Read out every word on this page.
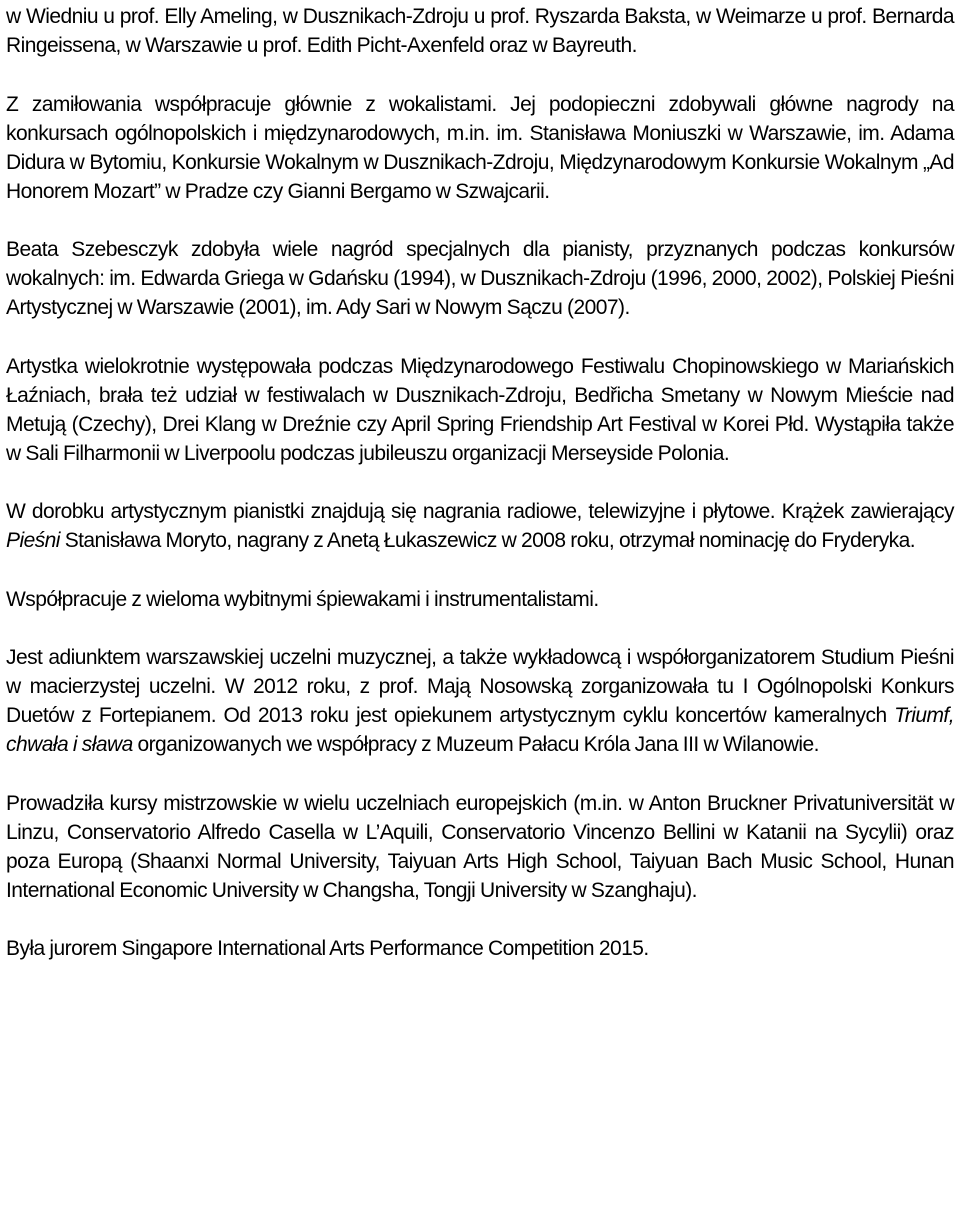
w Wiedniu u prof. Elly Ameling, w Dusznikach-Zdroju u prof. Ryszarda Baksta, w Weimarze u prof. Bernarda Ringeissena, w Warszawie u prof. Edith Picht-Axenfeld oraz w Bayreuth.

Z zamiłowania współpracuje głównie z wokalistami. Jej podopieczni zdobywali główne nagrody na konkursach ogólnopolskich i międzynarodowych, m.in. im. Stanisława Moniuszki w Warszawie, im. Adama Didura w Bytomiu, Konkursie Wokalnym w Dusznikach-Zdroju, Międzynarodowym Konkursie Wokalnym „Ad Honorem Mozart” w Pradze czy Gianni Bergamo w Szwajcarii.

Beata Szebesczyk zdobyła wiele nagród specjalnych dla pianisty, przyznanych podczas konkursów wokalnych: im. Edwarda Griega w Gdańsku (1994), w Dusznikach-Zdroju (1996, 2000, 2002), Polskiej Pieśni Artystycznej w Warszawie (2001), im. Ady Sari w Nowym Sączu (2007).

Artystka wielokrotnie występowała podczas Międzynarodowego Festiwalu Chopinowskiego w Mariańskich Łaźniach, brała też udział w festiwalach w Dusznikach-Zdroju, Bedřicha Smetany w Nowym Mieście nad Metują (Czechy), Drei Klang w Dreźnie czy April Spring Friendship Art Festival w Korei Płd. Wystąpiła także w Sali Filharmonii w Liverpoolu podczas jubileuszu organizacji Merseyside Polonia.

W dorobku artystycznym pianistki znajdują się nagrania radiowe, telewizyjne i płytowe. Krążek zawierający Pieśni Stanisława Moryto, nagrany z Anetą Łukaszewicz w 2008 roku, otrzymał nominację do Fryderyka.

Współpracuje z wieloma wybitnymi śpiewakami i instrumentalistami.

Jest adiunktem warszawskiej uczelni muzycznej, a także wykładowcą i współorganizatorem Studium Pieśni w macierzystej uczelni. W 2012 roku, z prof. Mają Nosowską zorganizowała tu I Ogólnopolski Konkurs Duetów z Fortepianem. Od 2013 roku jest opiekunem artystycznym cyklu koncertów kameralnych Triumf, chwała i sława organizowanych we współpracy z Muzeum Pałacu Króla Jana III w Wilanowie.

Prowadziła kursy mistrzowskie w wielu uczelniach europejskich (m.in. w Anton Bruckner Privatuniversität w Linzu, Conservatorio Alfredo Casella w L’Aquili, Conservatorio Vincenzo Bellini w Katanii na Sycylii) oraz poza Europą (Shaanxi Normal University, Taiyuan Arts High School, Taiyuan Bach Music School, Hunan International Economic University w Changsha, Tongji University w Szanghaju).

Była jurorem Singapore International Arts Performance Competition 2015.
